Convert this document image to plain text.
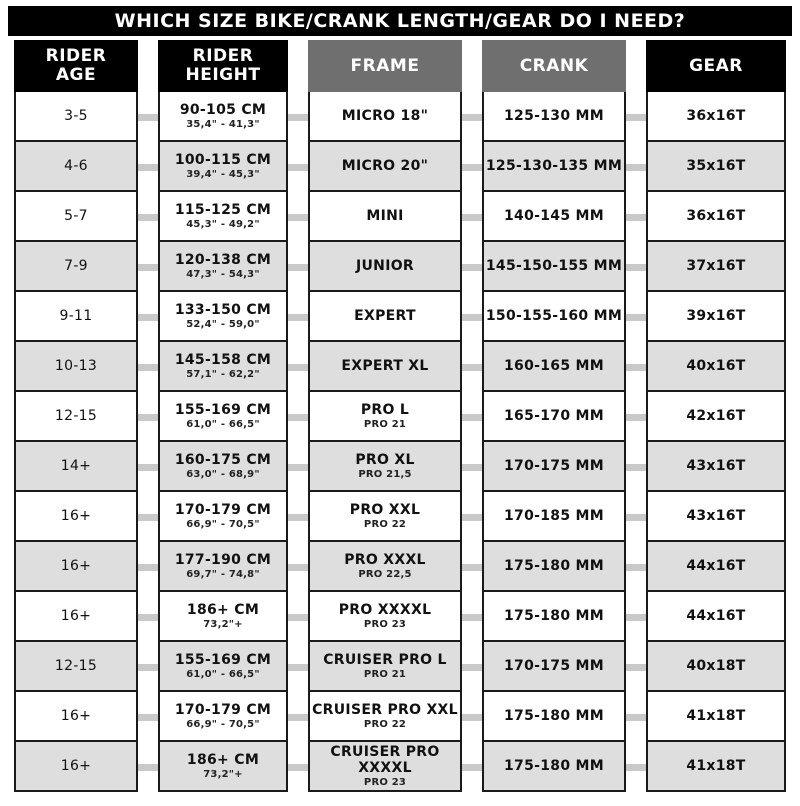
WHICH SIZE BIKE/CRANK LENGTH/GEAR DO I NEED?
RIDER
AGE
3-5
4-6
5-7
7-9
9-11
10-13
12-15
14+
16+
16+
16+
12-15
16+
16+
RIDER
HEIGHT
90-105 CM
35,4" - 41,3"
100-115 CM
39,4" - 45,3"
115-125 CM
45,3" - 49,2"
120-138 CM
47,3" - 54,3"
133-150 CM
52,4" - 59,0"
145-158 CM
57,1" - 62,2"
155-169 CM
61,0" - 66,5"
160-175 CM
63,0" - 68,9"
170-179 CM
66,9" - 70,5"
177-190 CM
69,7" - 74,8"
186+ CM
73,2"+
155-169 CM
61,0" - 66,5"
170-179 CM
66,9" - 70,5"
186+ CM
73,2"+
FRAME
MICRO 18"
MICRO 20"
MINI
JUNIOR
EXPERT
EXPERT XL
PRO L
PRO 21
PRO XL
PRO 21,5
PRO XXL
PRO 22
PRO XXXL
PRO 22,5
PRO XXXXL
PRO 23
CRUISER PRO L
PRO 21
CRUISER PRO XXL
PRO 22
CRUISER PRO XXXXL
PRO 23
CRANK
125-130 MM
125-130-135 MM
140-145 MM
145-150-155 MM
150-155-160 MM
160-165 MM
165-170 MM
170-175 MM
170-185 MM
175-180 MM
175-180 MM
170-175 MM
175-180 MM
175-180 MM
GEAR
36x16T
35x16T
36x16T
37x16T
39x16T
40x16T
42x16T
43x16T
43x16T
44x16T
44x16T
40x18T
41x18T
41x18T
